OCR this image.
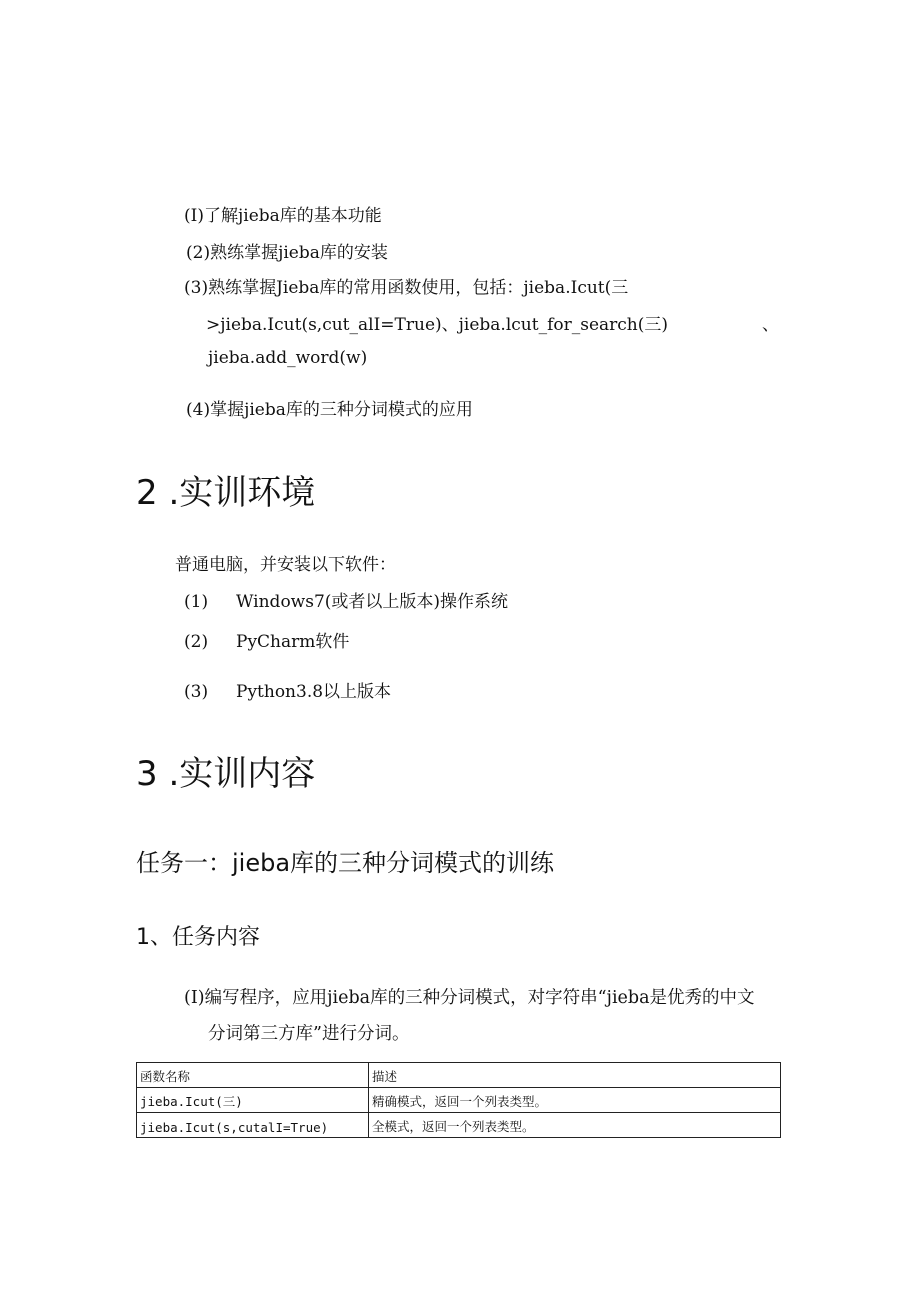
(I)了解jieba库的基本功能
(2)熟练掌握jieba库的安装
(3)熟练掌握Jieba库的常用函数使用，包括：jieba.Icut(三
>jieba.Icut(s,cut_alI=True)、jieba.lcut_for_search(三)	、
jieba.add_word(w)
(4)掌握jieba库的三种分词模式的应用
2 .实训环境
普通电脑，并安装以下软件：
(1) Windows7(或者以上版本)操作系统
(2) PyCharm软件
(3) Python3.8以上版本
3 .实训内容
任务一：jieba库的三种分词模式的训练
1、任务内容
(I)编写程序，应用jieba库的三种分词模式，对字符串“jieba是优秀的中文
分词第三方库”进行分词。
函数名称	描述
jieba.Icut(三)	精确模式，返回一个列表类型。
jieba.Icut(s,cutalI=True)	全模式，返回一个列表类型。
